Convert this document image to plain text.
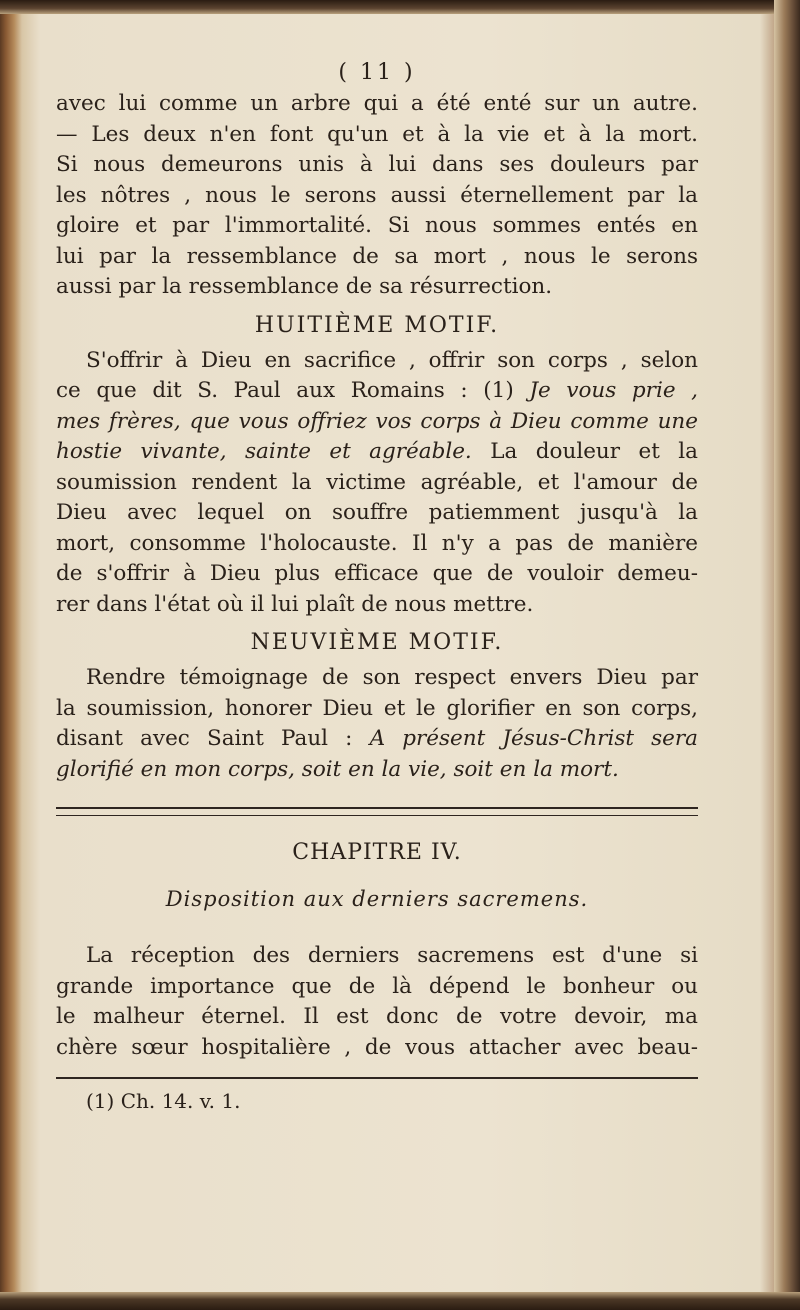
( 11 )

avec lui comme un arbre qui a été enté sur un autre.
— Les deux n'en font qu'un et à la vie et à la mort.
Si nous demeurons unis à lui dans ses douleurs par
les nôtres , nous le serons aussi éternellement par la
gloire et par l'immortalité. Si nous sommes entés en
lui par la ressemblance de sa mort , nous le serons
aussi par la ressemblance de sa résurrection.

HUITIÈME MOTIF.

S'offrir à Dieu en sacrifice , offrir son corps , selon
ce que dit S. Paul aux Romains : (1) Je vous prie ,
mes frères, que vous offriez vos corps à Dieu comme une
hostie vivante, sainte et agréable. La douleur et la
soumission rendent la victime agréable, et l'amour de
Dieu avec lequel on souffre patiemment jusqu'à la
mort, consomme l'holocauste. Il n'y a pas de manière
de s'offrir à Dieu plus efficace que de vouloir demeu-
rer dans l'état où il lui plaît de nous mettre.

NEUVIÈME MOTIF.

Rendre témoignage de son respect envers Dieu par
la soumission, honorer Dieu et le glorifier en son corps,
disant avec Saint Paul : A présent Jésus-Christ sera
glorifié en mon corps, soit en la vie, soit en la mort.

CHAPITRE IV.
Disposition aux derniers sacremens.

La réception des derniers sacremens est d'une si
grande importance que de là dépend le bonheur ou
le malheur éternel. Il est donc de votre devoir, ma
chère sœur hospitalière , de vous attacher avec beau-

(1) Ch. 14. v. 1.
